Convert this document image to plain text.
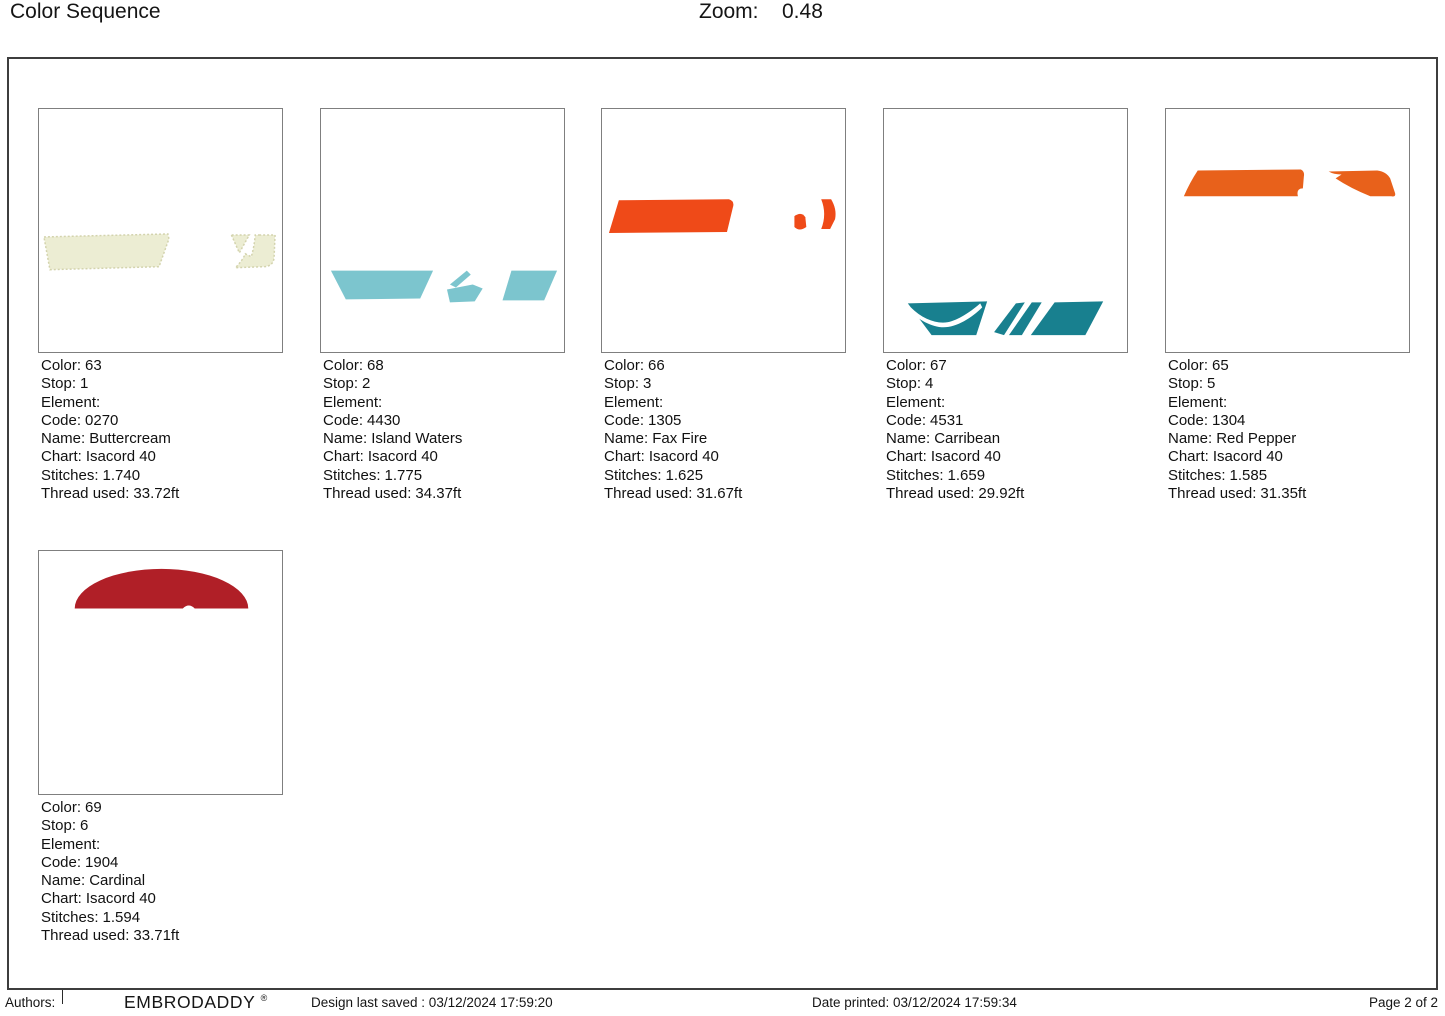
Color Sequence	Zoom: 0.48
Color: 63
Stop: 1
Element:
Code: 0270
Name: Buttercream
Chart: Isacord 40
Stitches: 1.740
Thread used: 33.72ft
Color: 68
Stop: 2
Element:
Code: 4430
Name: Island Waters
Chart: Isacord 40
Stitches: 1.775
Thread used: 34.37ft
Color: 66
Stop: 3
Element:
Code: 1305
Name: Fax Fire
Chart: Isacord 40
Stitches: 1.625
Thread used: 31.67ft
Color: 67
Stop: 4
Element:
Code: 4531
Name: Carribean
Chart: Isacord 40
Stitches: 1.659
Thread used: 29.92ft
Color: 65
Stop: 5
Element:
Code: 1304
Name: Red Pepper
Chart: Isacord 40
Stitches: 1.585
Thread used: 31.35ft
Color: 69
Stop: 6
Element:
Code: 1904
Name: Cardinal
Chart: Isacord 40
Stitches: 1.594
Thread used: 33.71ft
Authors:	EMBRODADDY ®	Design last saved : 03/12/2024 17:59:20	Date printed: 03/12/2024 17:59:34	Page 2 of 2
